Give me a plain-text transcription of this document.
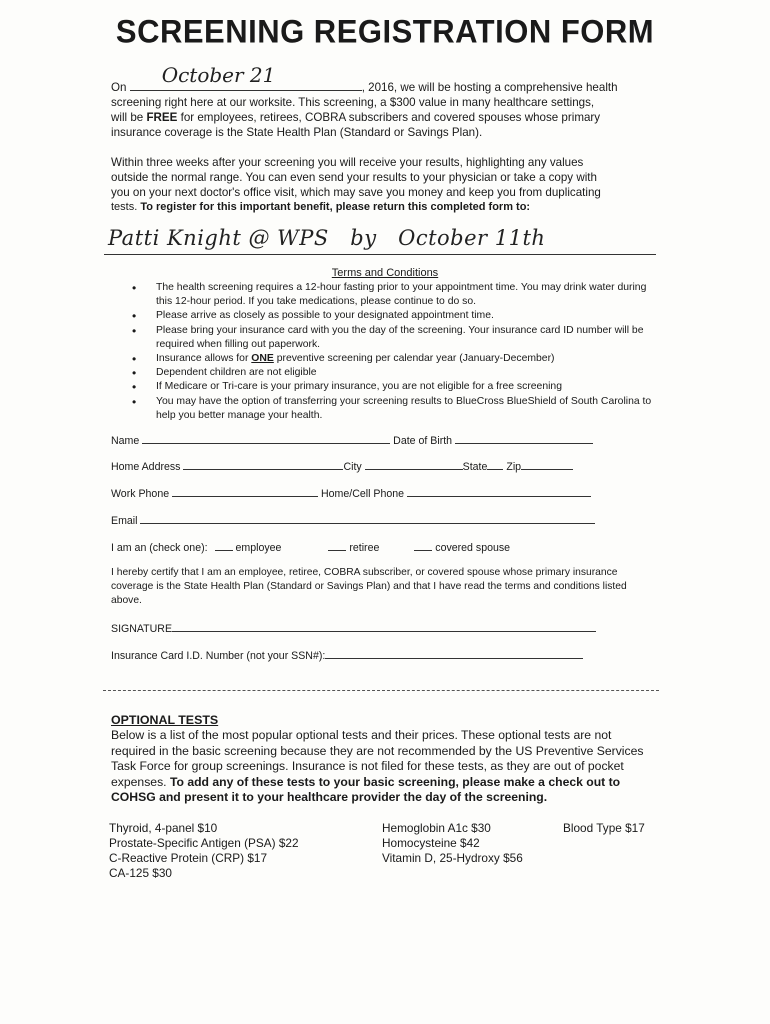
SCREENING REGISTRATION FORM
On
October 21
, 2016, we will be hosting a comprehensive health
screening right here at our worksite. This screening, a $300 value in many healthcare settings,
will be FREE for employees, retirees, COBRA subscribers and covered spouses whose primary
insurance coverage is the State Health Plan (Standard or Savings Plan).
Within three weeks after your screening you will receive your results, highlighting any values
outside the normal range. You can even send your results to your physician or take a copy with
you on your next doctor's office visit, which may save you money and keep you from duplicating
tests. To register for this important benefit, please return this completed form to:
Patti Knight @ WPS   by   October 11th
Terms and Conditions
• The health screening requires a 12-hour fasting prior to your appointment time. You may drink water during this 12-hour period. If you take medications, please continue to do so.
• Please arrive as closely as possible to your designated appointment time.
• Please bring your insurance card with you the day of the screening. Your insurance card ID number will be required when filling out paperwork.
• Insurance allows for ONE preventive screening per calendar year (January-December)
• Dependent children are not eligible
• If Medicare or Tri-care is your primary insurance, you are not eligible for a free screening
• You may have the option of transferring your screening results to BlueCross BlueShield of South Carolina to help you better manage your health.
Name	Date of Birth
Home Address	City	State Zip
Work Phone	Home/Cell Phone
Email
I am an (check one):	employee	retiree	covered spouse
I hereby certify that I am an employee, retiree, COBRA subscriber, or covered spouse whose primary insurance coverage is the State Health Plan (Standard or Savings Plan) and that I have read the terms and conditions listed above.
SIGNATURE
Insurance Card I.D. Number (not your SSN#):
OPTIONAL TESTS
Below is a list of the most popular optional tests and their prices. These optional tests are not required in the basic screening because they are not recommended by the US Preventive Services Task Force for group screenings. Insurance is not filed for these tests, as they are out of pocket expenses. To add any of these tests to your basic screening, please make a check out to COHSG and present it to your healthcare provider the day of the screening.
Thyroid, 4-panel $10
Prostate-Specific Antigen (PSA) $22
C-Reactive Protein (CRP) $17
CA-125 $30
Hemoglobin A1c $30
Homocysteine $42
Vitamin D, 25-Hydroxy $56
Blood Type $17
